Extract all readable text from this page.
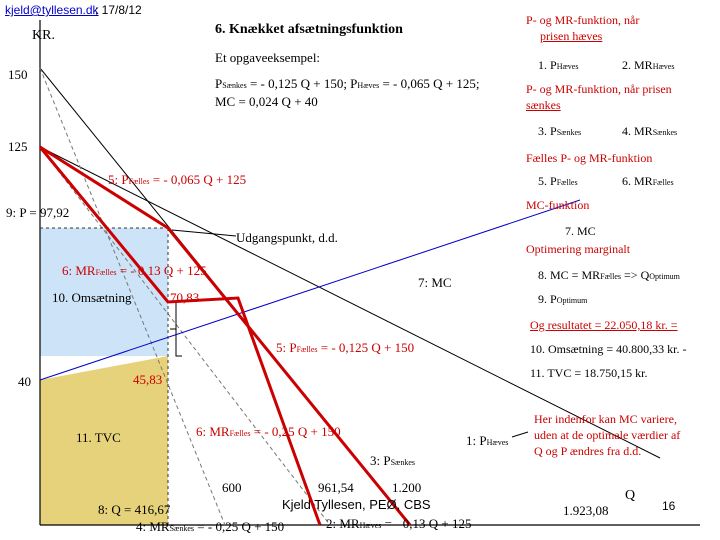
kjeld@tyllesen.dk
; 17/8/12
KR.	6. Knækket afsætningsfunktion
Et opgaveeksempel:
PSænkes = - 0,125 Q + 150; PHæves = - 0,065 Q + 125;
MC = 0,024 Q + 40
150
125
40
Q
600	961,54	1.200
1.923,08
5: PFælles = - 0,065 Q + 125
9: P = 97,92
Udgangspunkt, d.d.
6: MRFælles = - 0,13 Q + 125
10. Omsætning	70,83
7: MC
5: PFælles = - 0,125 Q + 150
45,83
11. TVC	6: MRFælles = - 0,25 Q + 150
1: PHæves
3: PSænkes
8: Q = 416,67
4: MRSænkes = - 0,25 Q + 150	2: MRHæves = - 0,13 Q + 125
Kjeld Tyllesen, PEØ, CBS	16
P- og MR-funktion, når
prisen hæves
1. PHæves	2. MRHæves
P- og MR-funktion, når prisen
sænkes
3. PSænkes	4. MRSænkes
Fælles P- og MR-funktion
5. PFælles	6. MRFælles
MC-funktion
7. MC
Optimering marginalt
8. MC = MRFælles => QOptimum
9. POptimum
Og resultatet = 22.050,18 kr. =
10. Omsætning = 40.800,33 kr. -
11. TVC = 18.750,15 kr.
Her indenfor kan MC variere,
uden at de optimale værdier af
Q og P ændres fra d.d.
